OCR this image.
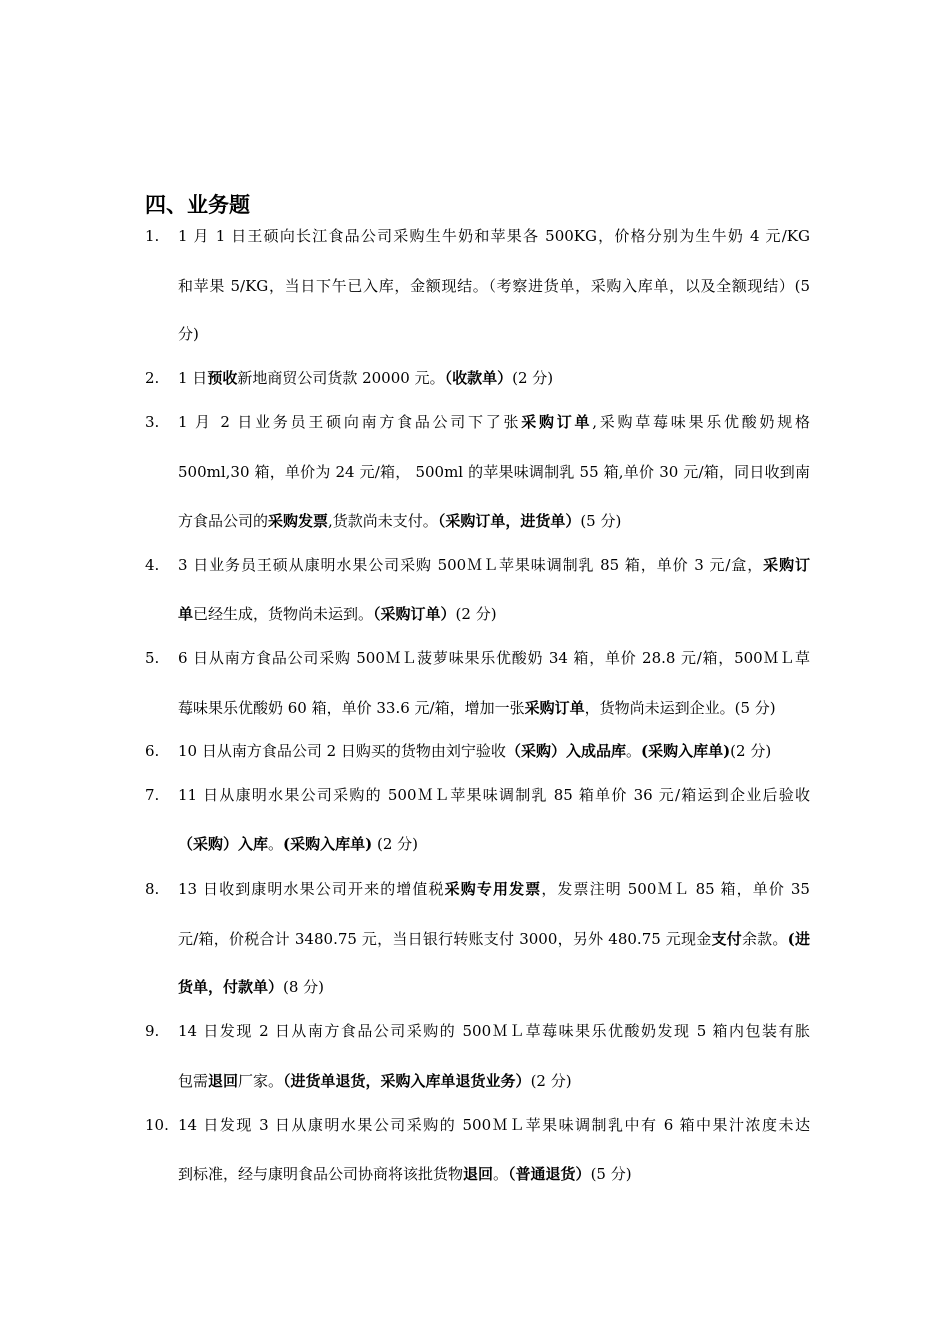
四、业务题
1.	1 月 1 日王硕向长江食品公司采购生牛奶和苹果各 500KG，价格分别为生牛奶 4 元/KG
和苹果 5/KG，当日下午已入库，金额现结。（考察进货单，采购入库单，以及全额现结）(5
分)
2.	1 日预收新地商贸公司货款 20000 元。（收款单）(2 分)
3.	1 月 2 日业务员王硕向南方食品公司下了张采购订单,采购草莓味果乐优酸奶规格
500ml,30 箱，单价为 24 元/箱， 500ml 的苹果味调制乳 55 箱,单价 30 元/箱，同日收到南
方食品公司的采购发票,货款尚未支付。（采购订单，进货单）(5 分)
4.	3 日业务员王硕从康明水果公司采购 500ＭＬ苹果味调制乳 85 箱，单价 3 元/盒，采购订
单已经生成，货物尚未运到。（采购订单）(2 分)
5.	6 日从南方食品公司采购 500ＭＬ菠萝味果乐优酸奶 34 箱，单价 28.8 元/箱，500ＭＬ草
莓味果乐优酸奶 60 箱，单价 33.6 元/箱，增加一张采购订单，货物尚未运到企业。(5 分)
6.	10 日从南方食品公司 2 日购买的货物由刘宁验收（采购）入成品库。(采购入库单)(2 分)
7.	11 日从康明水果公司采购的 500ＭＬ苹果味调制乳 85 箱单价 36 元/箱运到企业后验收
（采购）入库。(采购入库单) (2 分)
8.	13 日收到康明水果公司开来的增值税采购专用发票，发票注明 500ＭＬ 85 箱，单价 35
元/箱，价税合计 3480.75 元，当日银行转账支付 3000，另外 480.75 元现金支付余款。(进
货单，付款单）(8 分)
9.	14 日发现 2 日从南方食品公司采购的 500ＭＬ草莓味果乐优酸奶发现 5 箱内包装有胀
包需退回厂家。（进货单退货，采购入库单退货业务）(2 分)
10. 14 日发现 3 日从康明水果公司采购的 500ＭＬ苹果味调制乳中有 6 箱中果汁浓度未达
到标准，经与康明食品公司协商将该批货物退回。（普通退货）(5 分)
